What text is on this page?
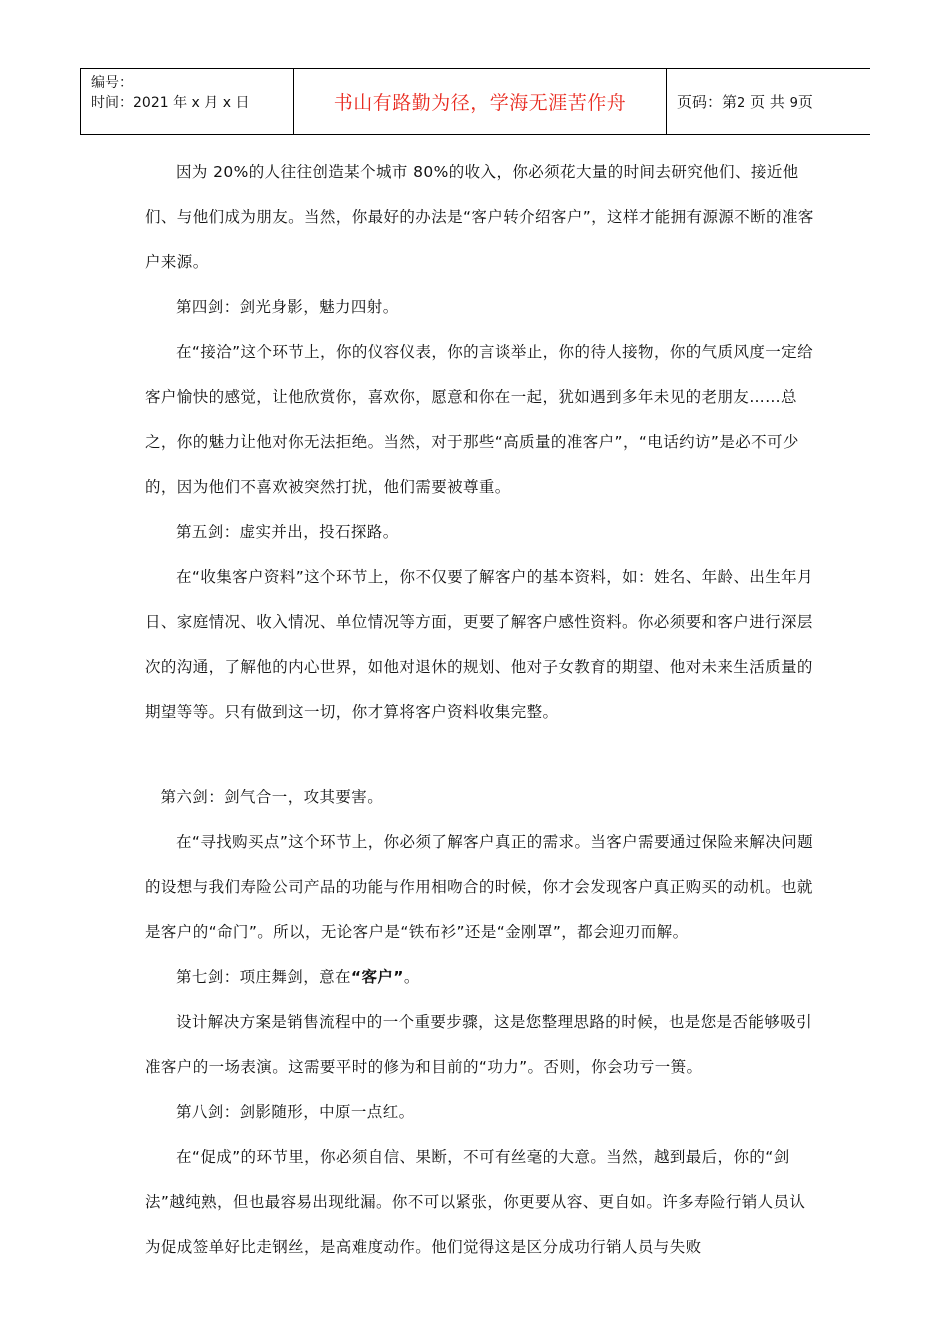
编号：
时间：2021 年 x 月 x 日	书山有路勤为径，学海无涯苦作舟	页码：第2 页 共 9页

因为 20%的人往往创造某个城市 80%的收入，你必须花大量的时间去研究他们、接近他们、与他们成为朋友。当然，你最好的办法是“客户转介绍客户”，这样才能拥有源源不断的准客户来源。

第四剑：剑光身影，魅力四射。

在“接洽”这个环节上，你的仪容仪表，你的言谈举止，你的待人接物，你的气质风度一定给客户愉快的感觉，让他欣赏你，喜欢你，愿意和你在一起，犹如遇到多年未见的老朋友……总之，你的魅力让他对你无法拒绝。当然，对于那些“高质量的准客户”，“电话约访”是必不可少的，因为他们不喜欢被突然打扰，他们需要被尊重。

第五剑：虚实并出，投石探路。

在“收集客户资料”这个环节上，你不仅要了解客户的基本资料，如：姓名、年龄、出生年月日、家庭情况、收入情况、单位情况等方面，更要了解客户感性资料。你必须要和客户进行深层次的沟通，了解他的内心世界，如他对退休的规划、他对子女教育的期望、他对未来生活质量的期望等等。只有做到这一切，你才算将客户资料收集完整。

第六剑：剑气合一，攻其要害。

在“寻找购买点”这个环节上，你必须了解客户真正的需求。当客户需要通过保险来解决问题的设想与我们寿险公司产品的功能与作用相吻合的时候，你才会发现客户真正购买的动机。也就是客户的“命门”。所以，无论客户是“铁布衫”还是“金刚罩”，都会迎刃而解。

第七剑：项庄舞剑，意在“客户”。

设计解决方案是销售流程中的一个重要步骤，这是您整理思路的时候，也是您是否能够吸引准客户的一场表演。这需要平时的修为和目前的“功力”。否则，你会功亏一篑。

第八剑：剑影随形，中原一点红。

在“促成”的环节里，你必须自信、果断，不可有丝毫的大意。当然，越到最后，你的“剑法”越纯熟，但也最容易出现纰漏。你不可以紧张，你更要从容、更自如。许多寿险行销人员认为促成签单好比走钢丝，是高难度动作。他们觉得这是区分成功行销人员与失败
